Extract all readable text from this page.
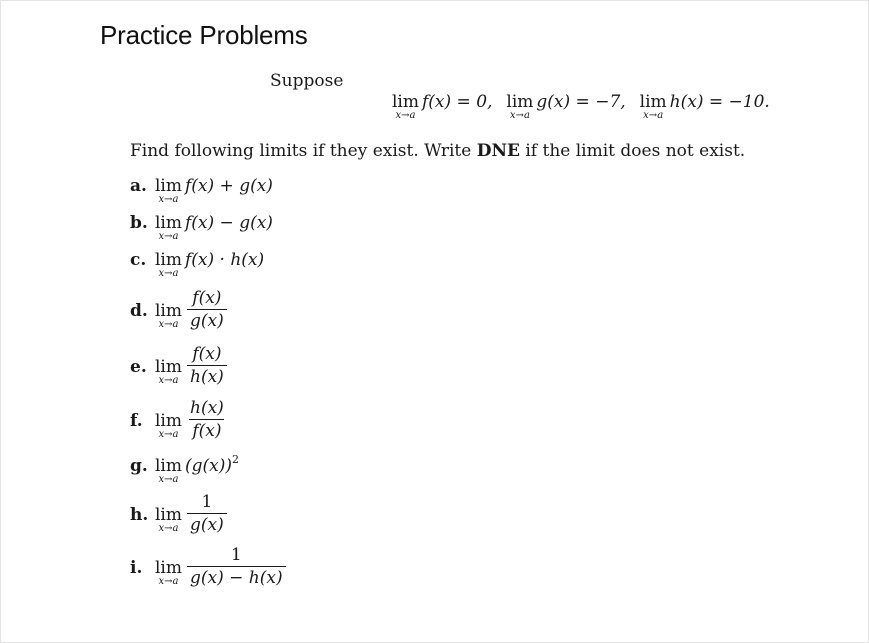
Practice Problems
Suppose
lim
x→a
f(x) = 0, lim
x→a
g(x) = −7, lim
x→a
h(x) = −10.
Find following limits if they exist. Write DNE if the limit does not exist.
a. lim
x→a
f(x) + g(x)
b. lim
x→a
f(x) − g(x)
c. lim
x→a
f(x) · h(x)
d. lim
$x\to a \frac{f(x)}{g(x)}$
e. lim
$x\to a \frac{f(x)}{h(x)}$
f. lim
$x\to a \frac{h(x)}{f(x)}$
g. lim
x→a
$(g(x))^2$
h. lim
$x\to a \frac{1}{g(x)}$
i. lim
$x\to a \frac{1}{g(x) - h(x)}$
